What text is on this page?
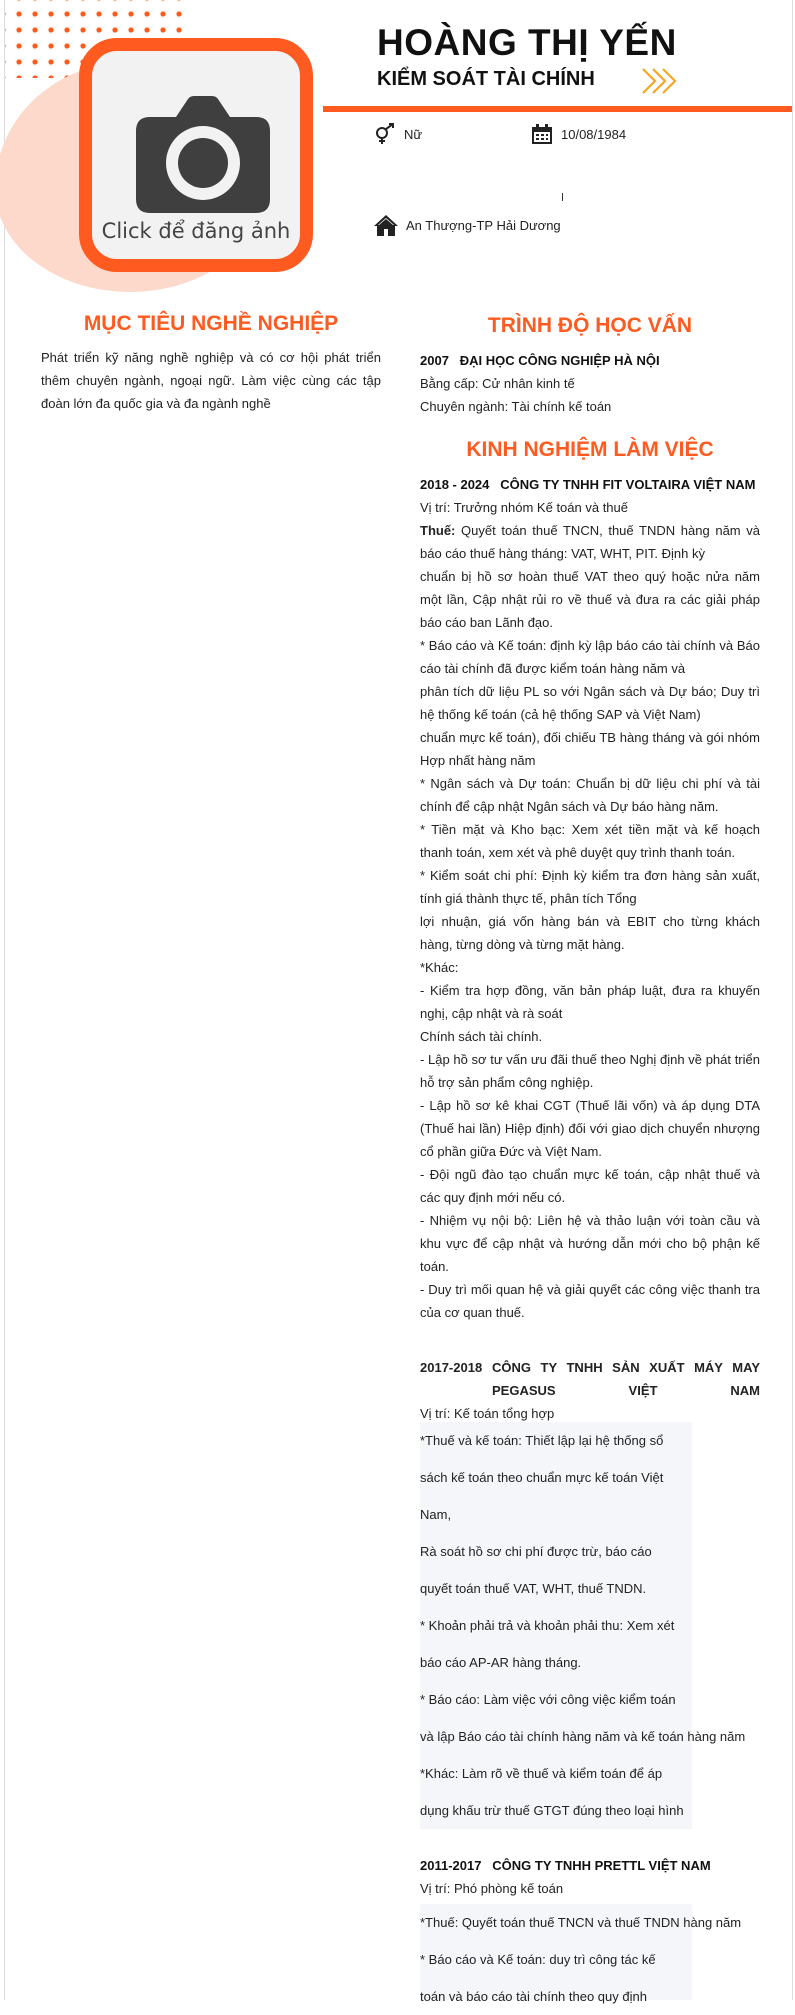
Click để đăng ảnh
HOÀNG THỊ YẾN
KIỂM SOÁT TÀI CHÍNH
Nữ	10/08/1984
An Thượng-TP Hải Dương
MỤC TIÊU NGHỀ NGHIỆP
Phát triển kỹ năng nghề nghiệp và có cơ hội phát triển thêm chuyên ngành, ngoại ngữ. Làm việc cùng các tập đoàn lớn đa quốc gia và đa ngành nghề
TRÌNH ĐỘ HỌC VẤN
2007 ĐẠI HỌC CÔNG NGHIỆP HÀ NỘI
Bằng cấp: Cử nhân kinh tế
Chuyên ngành: Tài chính kế toán
KINH NGHIỆM LÀM VIỆC
2018 - 2024 CÔNG TY TNHH FIT VOLTAIRA VIỆT NAM
Vị trí: Trưởng nhóm Kế toán và thuế

Thuế: Quyết toán thuế TNCN, thuế TNDN hàng năm và báo cáo thuế hàng tháng: VAT, WHT, PIT. Định kỳ

chuẩn bị hồ sơ hoàn thuế VAT theo quý hoặc nửa năm một lần, Cập nhật rủi ro về thuế và đưa ra các giải pháp báo cáo ban Lãnh đạo.

* Báo cáo và Kế toán: định kỳ lập báo cáo tài chính và Báo cáo tài chính đã được kiểm toán hàng năm và

phân tích dữ liệu PL so với Ngân sách và Dự báo; Duy trì hệ thống kế toán (cả hệ thống SAP và Việt Nam)

chuẩn mực kế toán), đối chiếu TB hàng tháng và gói nhóm Hợp nhất hàng năm

* Ngân sách và Dự toán: Chuẩn bị dữ liệu chi phí và tài chính để cập nhật Ngân sách và Dự báo hàng năm.

* Tiền mặt và Kho bạc: Xem xét tiền mặt và kế hoạch thanh toán, xem xét và phê duyệt quy trình thanh toán.

* Kiểm soát chi phí: Định kỳ kiểm tra đơn hàng sản xuất, tính giá thành thực tế, phân tích Tổng

lợi nhuận, giá vốn hàng bán và EBIT cho từng khách hàng, từng dòng và từng mặt hàng.

*Khác:

- Kiểm tra hợp đồng, văn bản pháp luật, đưa ra khuyến nghị, cập nhật và rà soát

Chính sách tài chính.

- Lập hồ sơ tư vấn ưu đãi thuế theo Nghị định về phát triển hỗ trợ sản phẩm công nghiệp.

- Lập hồ sơ kê khai CGT (Thuế lãi vốn) và áp dụng DTA (Thuế hai lần) Hiệp định) đối với giao dịch chuyển nhượng cổ phần giữa Đức và Việt Nam.

- Đội ngũ đào tạo chuẩn mực kế toán, cập nhật thuế và các quy định mới nếu có.

- Nhiệm vụ nội bộ: Liên hệ và thảo luận với toàn cầu và khu vực để cập nhật và hướng dẫn mới cho bộ phận kế toán.

- Duy trì mối quan hệ và giải quyết các công việc thanh tra của cơ quan thuế.

2017-2018 CÔNG TY TNHH SẢN XUẤT MÁY MAY PEGASUS VIỆT NAM
Vị trí: Kế toán tổng hợp

*Thuế và kế toán: Thiết lập lại hệ thống sổ

sách kế toán theo chuẩn mực kế toán Việt

Nam,

Rà soát hồ sơ chi phí được trừ, báo cáo

quyết toán thuế VAT, WHT, thuế TNDN.

* Khoản phải trả và khoản phải thu: Xem xét

báo cáo AP-AR hàng tháng.

* Báo cáo: Làm việc với công việc kiểm toán

và lập Báo cáo tài chính hàng năm và kế toán hàng năm

*Khác: Làm rõ về thuế và kiểm toán để áp

dụng khấu trừ thuế GTGT đúng theo loại hình

2011-2017 CÔNG TY TNHH PRETTL VIỆT NAM
Vị trí: Phó phòng kế toán

*Thuế: Quyết toán thuế TNCN và thuế TNDN hàng năm

* Báo cáo và Kế toán: duy trì công tác kế

toán và báo cáo tài chính theo quy định
